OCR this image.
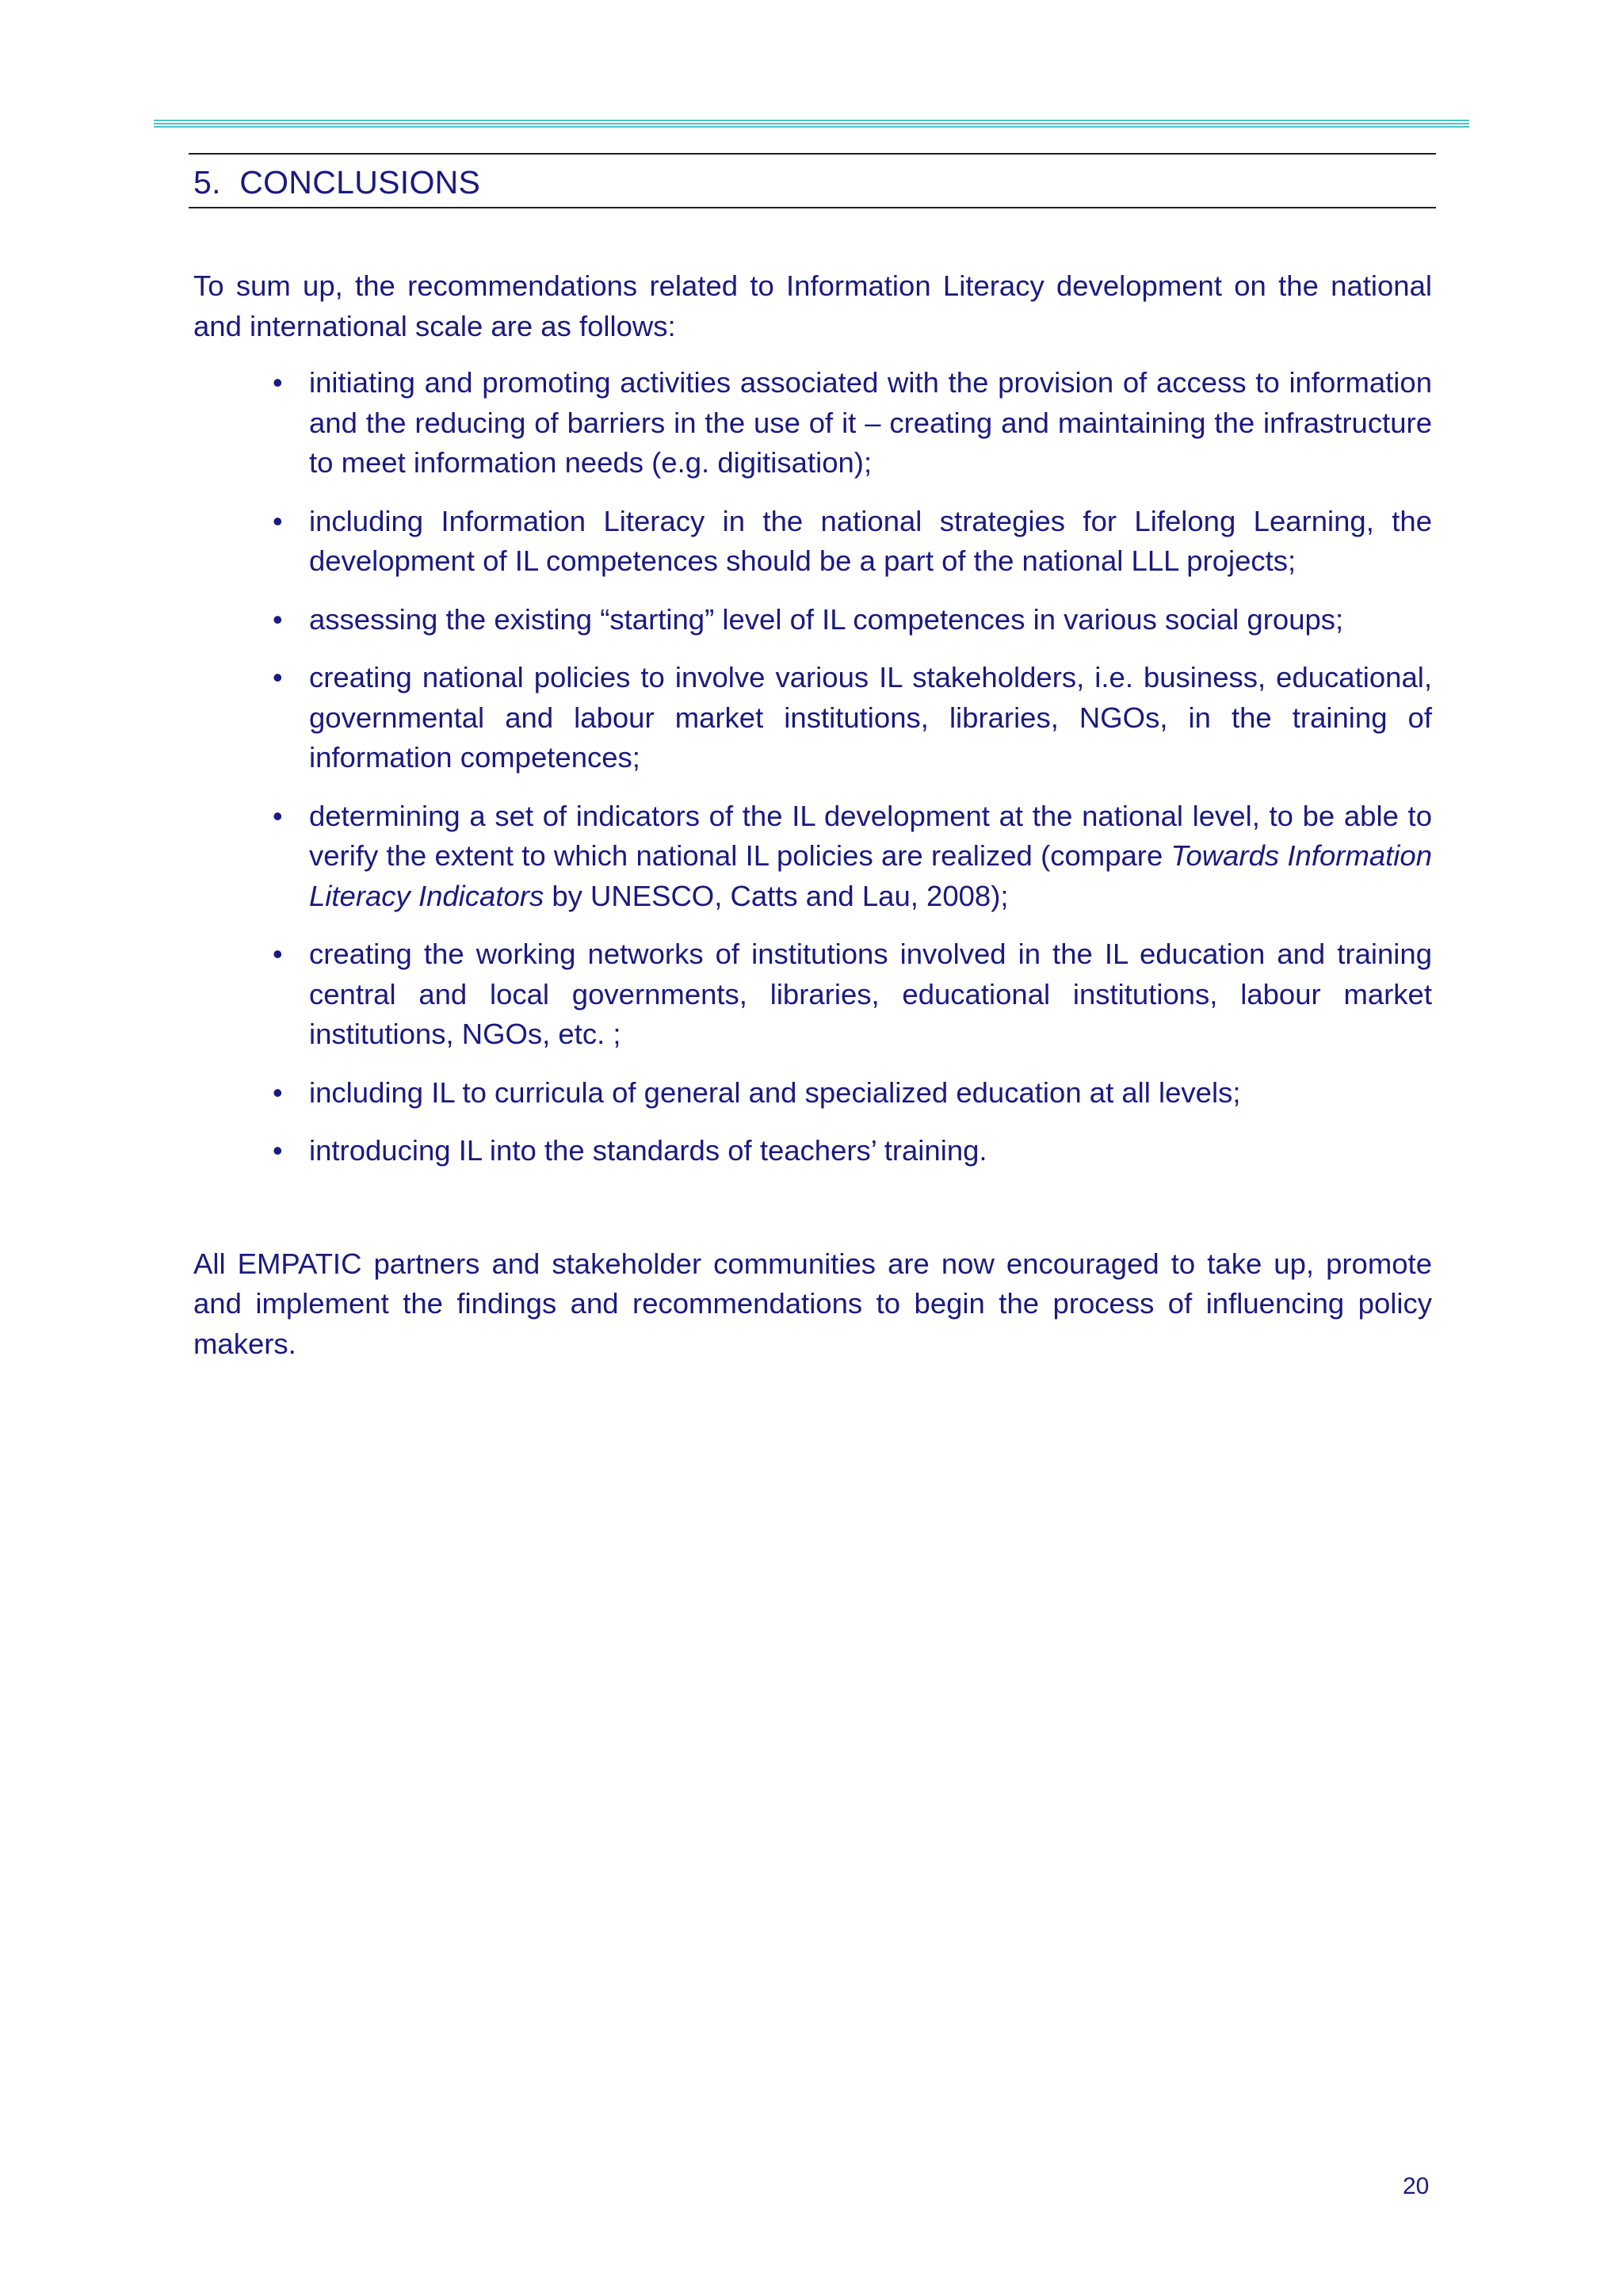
5. CONCLUSIONS

To sum up, the recommendations related to Information Literacy development on the national and international scale are as follows:

• initiating and promoting activities associated with the provision of access to information and the reducing of barriers in the use of it – creating and maintaining the infrastructure to meet information needs (e.g. digitisation);
• including Information Literacy in the national strategies for Lifelong Learning, the development of IL competences should be a part of the national LLL projects;
• assessing the existing “starting” level of IL competences in various social groups;
• creating national policies to involve various IL stakeholders, i.e. business, educational, governmental and labour market institutions, libraries, NGOs, in the training of information competences;
• determining a set of indicators of the IL development at the national level, to be able to verify the extent to which national IL policies are realized (compare Towards Information Literacy Indicators by UNESCO, Catts and Lau, 2008);
• creating the working networks of institutions involved in the IL education and training central and local governments, libraries, educational institutions, labour market institutions, NGOs, etc. ;
• including IL to curricula of general and specialized education at all levels;
• introducing IL into the standards of teachers’ training.

All EMPATIC partners and stakeholder communities are now encouraged to take up, promote and implement the findings and recommendations to begin the process of influencing policy makers.

20
